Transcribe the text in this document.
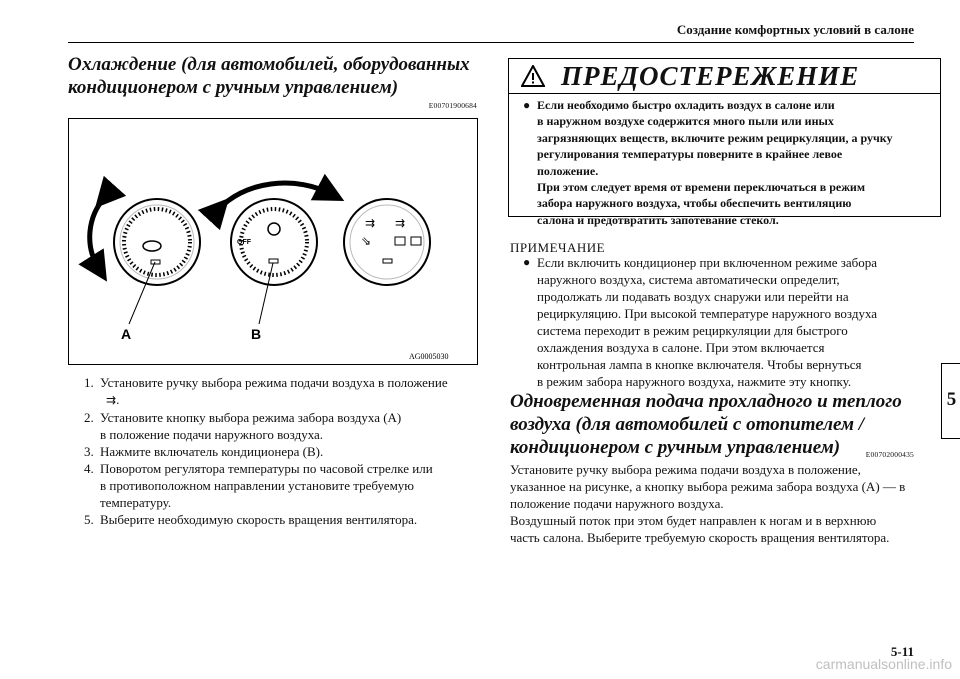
Создание комфортных условий в салоне
Охлаждение (для автомобилей, оборудованных
кондиционером с ручным управлением)
E00701900684
OFF
⇉ ⇉
⇘
A	B
AG0005030
1. Установите ручку выбора режима подачи воздуха в положение
⇉.
2. Установите кнопку выбора режима забора воздуха (A)
в положение подачи наружного воздуха.
3. Нажмите включатель кондиционера (B).
4. Поворотом регулятора температуры по часовой стрелке или
в противоположном направлении установите требуемую
температуру.
5. Выберите необходимую скорость вращения вентилятора.
ПРЕДОСТЕРЕЖЕНИЕ
● Если необходимо быстро охладить воздух в салоне или
в наружном воздухе содержится много пыли или иных
загрязняющих веществ, включите режим рециркуляции, а ручку
регулирования температуры поверните в крайнее левое
положение.
При этом следует время от времени переключаться в режим
забора наружного воздуха, чтобы обеспечить вентиляцию
салона и предотвратить запотевание стекол.
ПРИМЕЧАНИЕ
● Если включить кондиционер при включенном режиме забора
наружного воздуха, система автоматически определит,
продолжать ли подавать воздух снаружи или перейти на
рециркуляцию. При высокой температуре наружного воздуха
система переходит в режим рециркуляции для быстрого
охлаждения воздуха в салоне. При этом включается
контрольная лампа в кнопке включателя. Чтобы вернуться
в режим забора наружного воздуха, нажмите эту кнопку.
Одновременная подача прохладного и теплого
воздуха (для автомобилей с отопителем /
кондиционером с ручным управлением)	E00702000435
Установите ручку выбора режима подачи воздуха в положение,
указанное на рисунке, а кнопку выбора режима забора воздуха (A) — в
положение подачи наружного воздуха.
Воздушный поток при этом будет направлен к ногам и в верхнюю
часть салона. Выберите требуемую скорость вращения вентилятора.
5
5-11
carmanualsonline.info
